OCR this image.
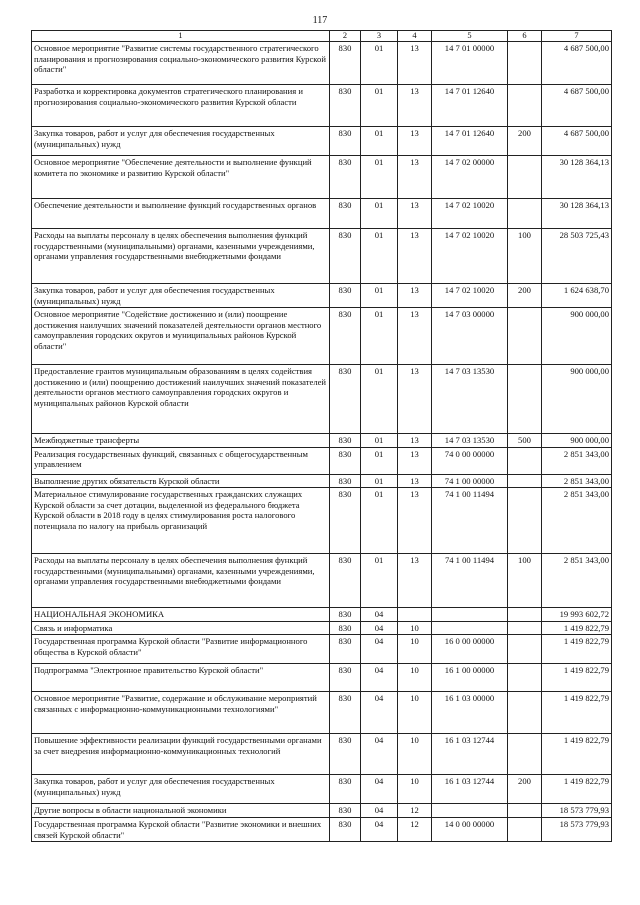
117
1	2	3	4	5	6	7
Основное мероприятие "Развитие системы государственного стратегического планирования и прогнозирования социально-экономического развития Курской области"	830	01	13	14 7 01 00000		4 687 500,00
Разработка и корректировка документов стратегического планирования и прогнозирования социально-экономического развития Курской области	830	01	13	14 7 01 12640		4 687 500,00
Закупка товаров, работ и услуг для обеспечения государственных (муниципальных) нужд	830	01	13	14 7 01 12640	200	4 687 500,00
Основное мероприятие "Обеспечение деятельности и выполнение функций комитета по экономике и развитию Курской области"	830	01	13	14 7 02 00000		30 128 364,13
Обеспечение деятельности и выполнение функций государственных органов	830	01	13	14 7 02 10020		30 128 364,13
Расходы на выплаты персоналу в целях обеспечения выполнения функций государственными (муниципальными) органами, казенными учреждениями, органами управления государственными внебюджетными фондами	830	01	13	14 7 02 10020	100	28 503 725,43
Закупка товаров, работ и услуг для обеспечения государственных (муниципальных) нужд	830	01	13	14 7 02 10020	200	1 624 638,70
Основное мероприятие "Содействие достижению и (или) поощрение достижения наилучших значений показателей деятельности органов местного самоуправления городских округов и муниципальных районов Курской области"	830	01	13	14 7 03 00000		900 000,00
Предоставление грантов муниципальным образованиям в целях содействия достижению и (или) поощрению достижений наилучших значений показателей деятельности органов местного самоуправления городских округов и муниципальных районов Курской области	830	01	13	14 7 03 13530		900 000,00
Межбюджетные трансферты	830	01	13	14 7 03 13530	500	900 000,00
Реализация государственных функций, связанных с общегосударственным управлением	830	01	13	74 0 00 00000		2 851 343,00
Выполнение других обязательств Курской области	830	01	13	74 1 00 00000		2 851 343,00
Материальное стимулирование государственных гражданских служащих Курской области за счет дотации, выделенной из федерального бюджета Курской области в 2018 году в целях стимулирования роста налогового потенциала по налогу на прибыль организаций	830	01	13	74 1 00 11494		2 851 343,00
Расходы на выплаты персоналу в целях обеспечения выполнения функций государственными (муниципальными) органами, казенными учреждениями, органами управления государственными внебюджетными фондами	830	01	13	74 1 00 11494	100	2 851 343,00
НАЦИОНАЛЬНАЯ ЭКОНОМИКА	830	04				19 993 602,72
Связь и информатика	830	04	10			1 419 822,79
Государственная программа Курской области "Развитие информационного общества в Курской области"	830	04	10	16 0 00 00000		1 419 822,79
Подпрограмма "Электронное правительство Курской области"	830	04	10	16 1 00 00000		1 419 822,79
Основное мероприятие "Развитие, содержание и обслуживание мероприятий связанных с информационно-коммуникационными технологиями"	830	04	10	16 1 03 00000		1 419 822,79
Повышение эффективности реализации функций государственными органами за счет внедрения информационно-коммуникационных технологий	830	04	10	16 1 03 12744		1 419 822,79
Закупка товаров, работ и услуг для обеспечения государственных (муниципальных) нужд	830	04	10	16 1 03 12744	200	1 419 822,79
Другие вопросы в области национальной экономики	830	04	12			18 573 779,93
Государственная программа Курской области "Развитие экономики и внешних связей Курской области"	830	04	12	14 0 00 00000		18 573 779,93
